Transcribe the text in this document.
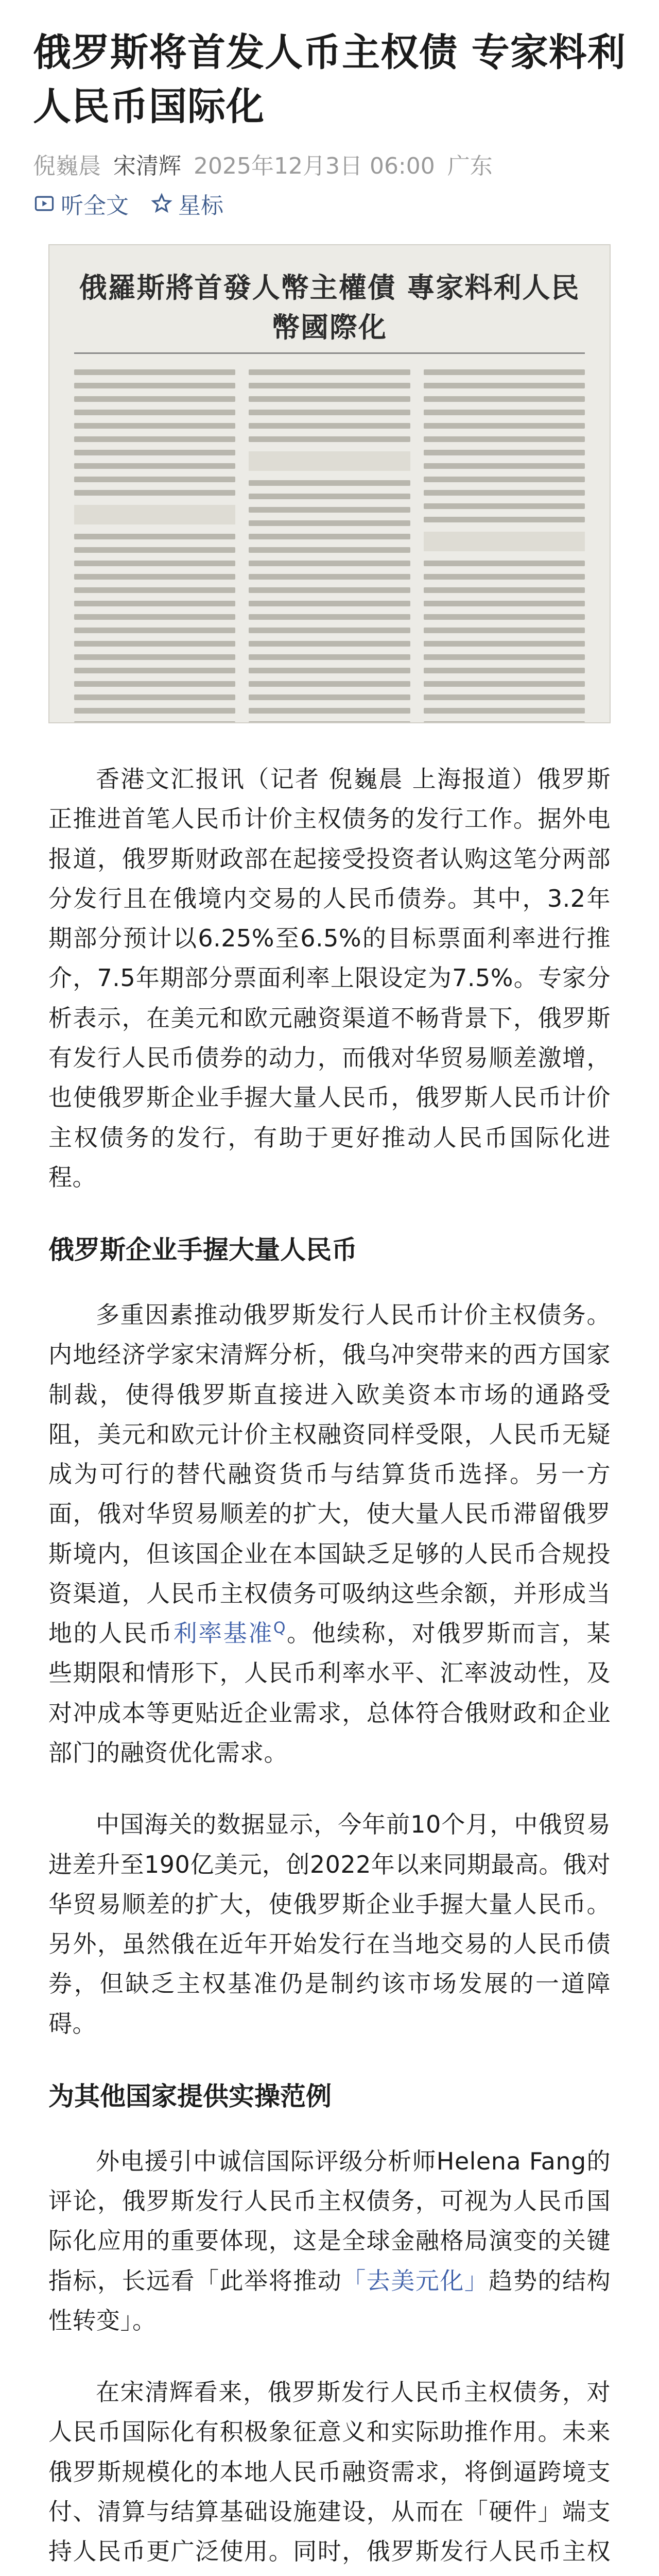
俄罗斯将首发人币主权债 专家料利人民币国际化
倪巍晨 宋清辉 2025年12月3日 06:00 广东
听全文 星标
俄羅斯將首發人幣主權債 專家料利人民幣國際化

香港文汇报讯（记者 倪巍晨 上海报道）俄罗斯正推进首笔人民币计价主权债务的发行工作。据外电报道，俄罗斯财政部在起接受投资者认购这笔分两部分发行且在俄境内交易的人民币债券。其中，3.2年期部分预计以6.25%至6.5%的目标票面利率进行推介，7.5年期部分票面利率上限设定为7.5%。专家分析表示，在美元和欧元融资渠道不畅背景下，俄罗斯有发行人民币债券的动力，而俄对华贸易顺差激增，也使俄罗斯企业手握大量人民币，俄罗斯人民币计价主权债务的发行，有助于更好推动人民币国际化进程。

俄罗斯企业手握大量人民币

多重因素推动俄罗斯发行人民币计价主权债务。内地经济学家宋清辉分析，俄乌冲突带来的西方国家制裁，使得俄罗斯直接进入欧美资本市场的通路受阻，美元和欧元计价主权融资同样受限，人民币无疑成为可行的替代融资货币与结算货币选择。另一方面，俄对华贸易顺差的扩大，使大量人民币滞留俄罗斯境内，但该国企业在本国缺乏足够的人民币合规投资渠道，人民币主权债务可吸纳这些余额，并形成当地的人民币利率基准$^Q$。他续称，对俄罗斯而言，某些期限和情形下，人民币利率水平、汇率波动性，及对冲成本等更贴近企业需求，总体符合俄财政和企业部门的融资优化需求。

中国海关的数据显示，今年前10个月，中俄贸易进差升至190亿美元，创2022年以来同期最高。俄对华贸易顺差的扩大，使俄罗斯企业手握大量人民币。另外，虽然俄在近年开始发行在当地交易的人民币债券，但缺乏主权基准仍是制约该市场发展的一道障碍。

为其他国家提供实操范例

外电援引中诚信国际评级分析师Helena Fang的评论，俄罗斯发行人民币主权债务，可视为人民币国际化应用的重要体现，这是全球金融格局演变的关键指标，长远看「此举将推动「去美元化」趋势的结构性转变」。

在宋清辉看来，俄罗斯发行人民币主权债务，对人民币国际化有积极象征意义和实际助推作用。未来俄罗斯规模化的本地人民币融资需求，将倒逼跨境支付、清算与结算基础设施建设，从而在「硬件」端支持人民币更广泛使用。同时，俄罗斯发行人民币主权
